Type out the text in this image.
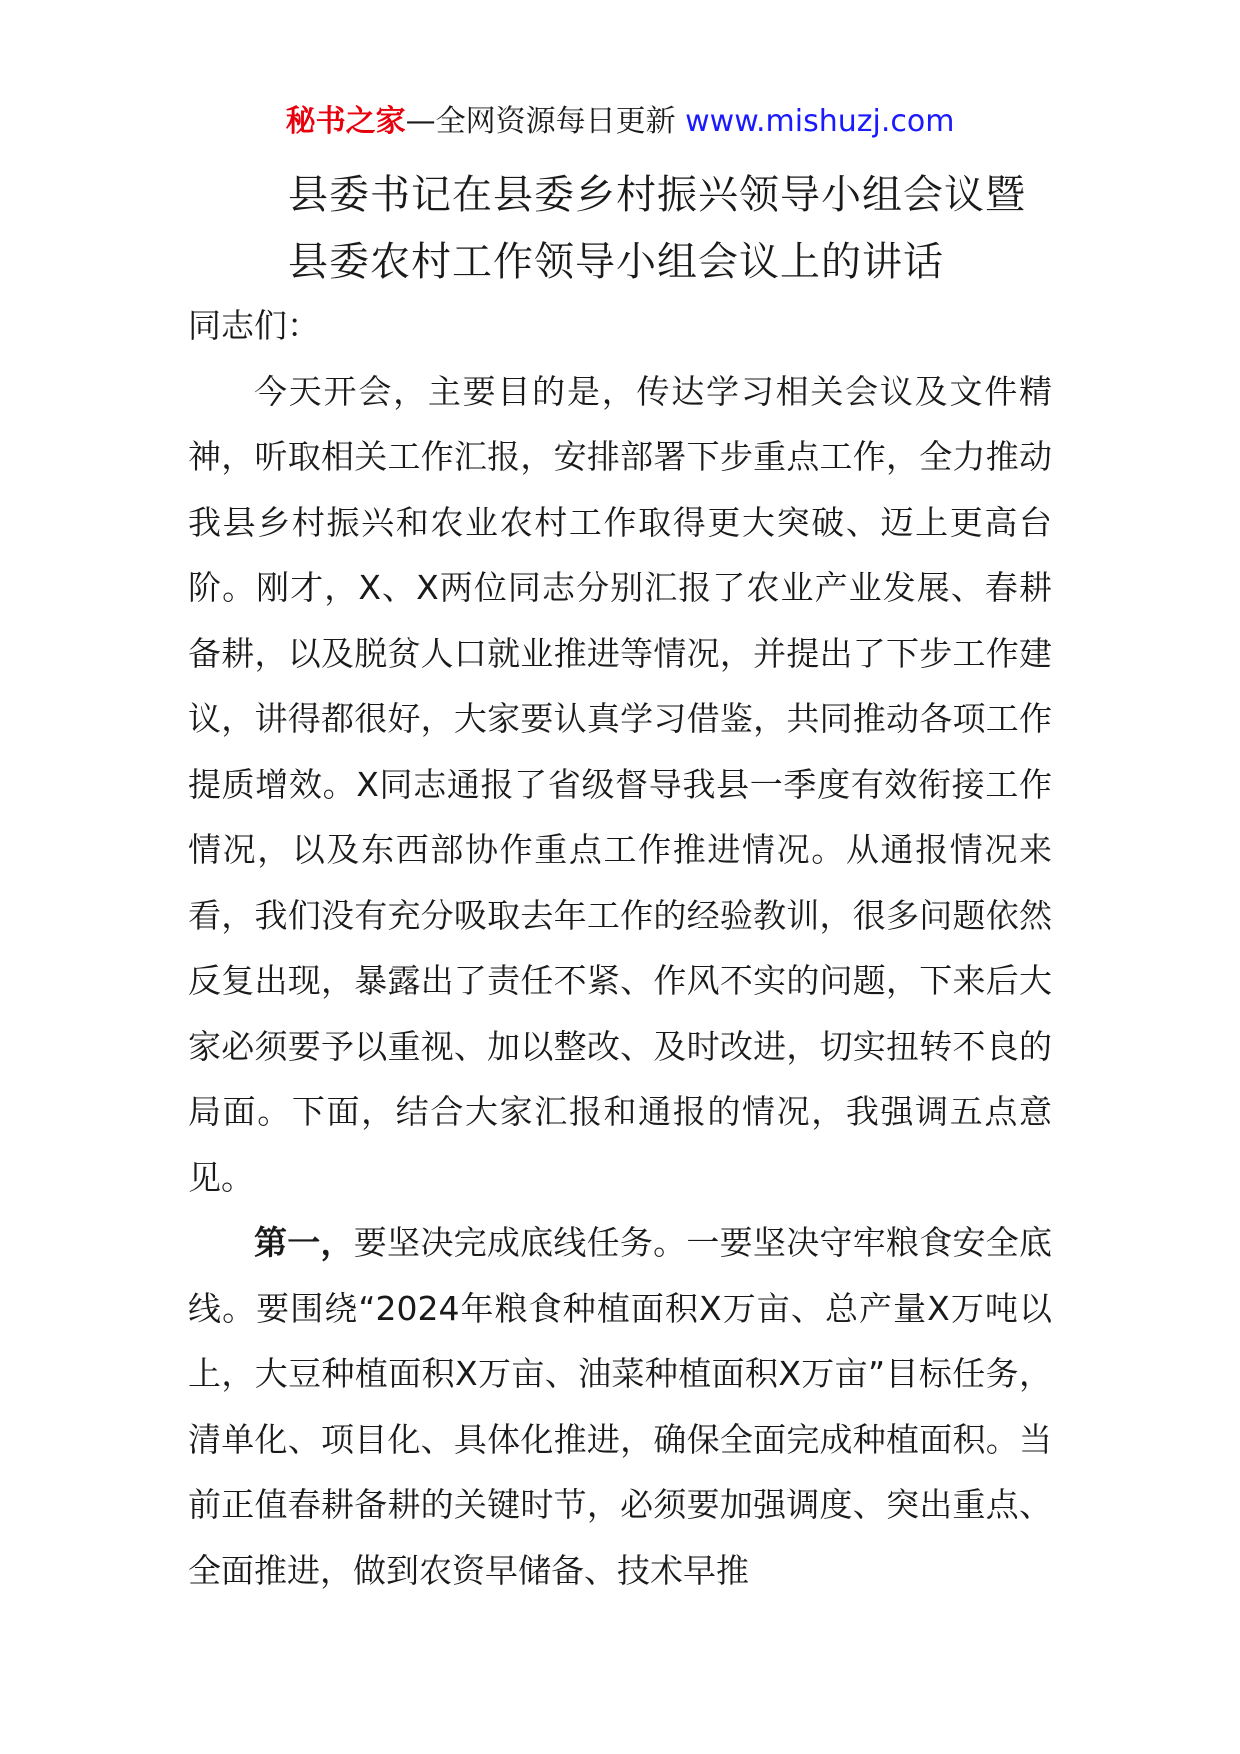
秘书之家—全网资源每日更新 www.mishuzj.com
县委书记在县委乡村振兴领导小组会议暨
县委农村工作领导小组会议上的讲话

同志们：

今天开会，主要目的是，传达学习相关会议及文件精神，听取相关工作汇报，安排部署下步重点工作，全力推动我县乡村振兴和农业农村工作取得更大突破、迈上更高台阶。刚才，X、X两位同志分别汇报了农业产业发展、春耕备耕，以及脱贫人口就业推进等情况，并提出了下步工作建议，讲得都很好，大家要认真学习借鉴，共同推动各项工作提质增效。X同志通报了省级督导我县一季度有效衔接工作情况，以及东西部协作重点工作推进情况。从通报情况来看，我们没有充分吸取去年工作的经验教训，很多问题依然反复出现，暴露出了责任不紧、作风不实的问题，下来后大家必须要予以重视、加以整改、及时改进，切实扭转不良的局面。下面，结合大家汇报和通报的情况，我强调五点意见。

第一，要坚决完成底线任务。一要坚决守牢粮食安全底线。要围绕“2024年粮食种植面积X万亩、总产量X万吨以上，大豆种植面积X万亩、油菜种植面积X万亩”目标任务，清单化、项目化、具体化推进，确保全面完成种植面积。当前正值春耕备耕的关键时节，必须要加强调度、突出重点、全面推进，做到农资早储备、技术早推
